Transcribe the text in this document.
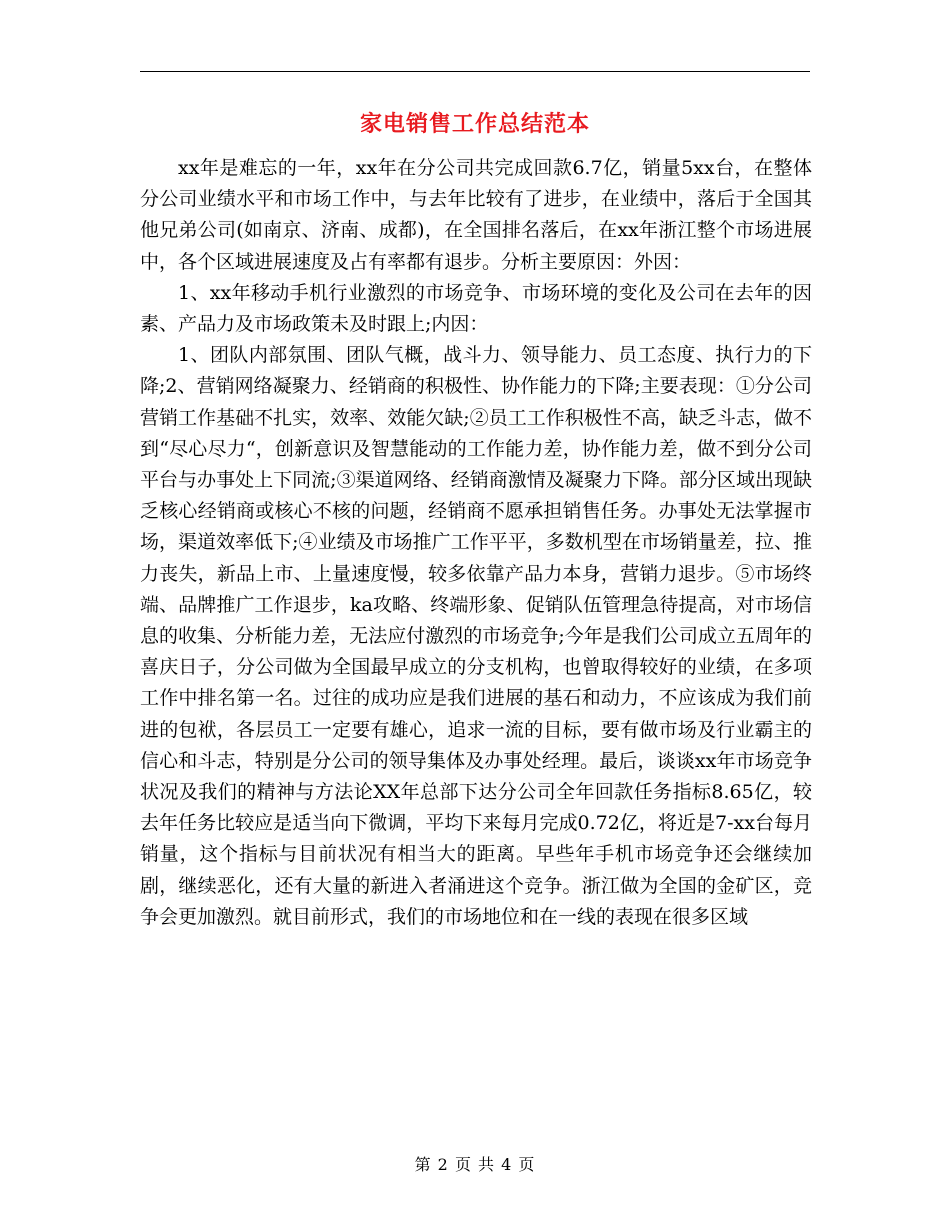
家电销售工作总结范本

xx年是难忘的一年，xx年在分公司共完成回款6.7亿，销量5xx台，在整体分公司业绩水平和市场工作中，与去年比较有了进步，在业绩中，落后于全国其他兄弟公司(如南京、济南、成都)，在全国排名落后，在xx年浙江整个市场进展中，各个区域进展速度及占有率都有退步。分析主要原因：外因：

1、xx年移动手机行业激烈的市场竞争、市场环境的变化及公司在去年的因素、产品力及市场政策未及时跟上;内因：

1、团队内部氛围、团队气概，战斗力、领导能力、员工态度、执行力的下降;2、营销网络凝聚力、经销商的积极性、协作能力的下降;主要表现：①分公司营销工作基础不扎实，效率、效能欠缺;②员工工作积极性不高，缺乏斗志，做不到“尽心尽力“，创新意识及智慧能动的工作能力差，协作能力差，做不到分公司平台与办事处上下同流;③渠道网络、经销商激情及凝聚力下降。部分区域出现缺乏核心经销商或核心不核的问题，经销商不愿承担销售任务。办事处无法掌握市场，渠道效率低下;④业绩及市场推广工作平平，多数机型在市场销量差，拉、推力丧失，新品上市、上量速度慢，较多依靠产品力本身，营销力退步。⑤市场终端、品牌推广工作退步，ka攻略、终端形象、促销队伍管理急待提高，对市场信息的收集、分析能力差，无法应付激烈的市场竞争;今年是我们公司成立五周年的喜庆日子，分公司做为全国最早成立的分支机构，也曾取得较好的业绩，在多项工作中排名第一名。过往的成功应是我们进展的基石和动力，不应该成为我们前进的包袱，各层员工一定要有雄心，追求一流的目标，要有做市场及行业霸主的信心和斗志，特别是分公司的领导集体及办事处经理。最后，谈谈xx年市场竞争状况及我们的精神与方法论XX年总部下达分公司全年回款任务指标8.65亿，较去年任务比较应是适当向下微调，平均下来每月完成0.72亿，将近是7-xx台每月销量，这个指标与目前状况有相当大的距离。早些年手机市场竞争还会继续加剧，继续恶化，还有大量的新进入者涌进这个竞争。浙江做为全国的金矿区，竞争会更加激烈。就目前形式，我们的市场地位和在一线的表现在很多区域

第 2 页 共 4 页
